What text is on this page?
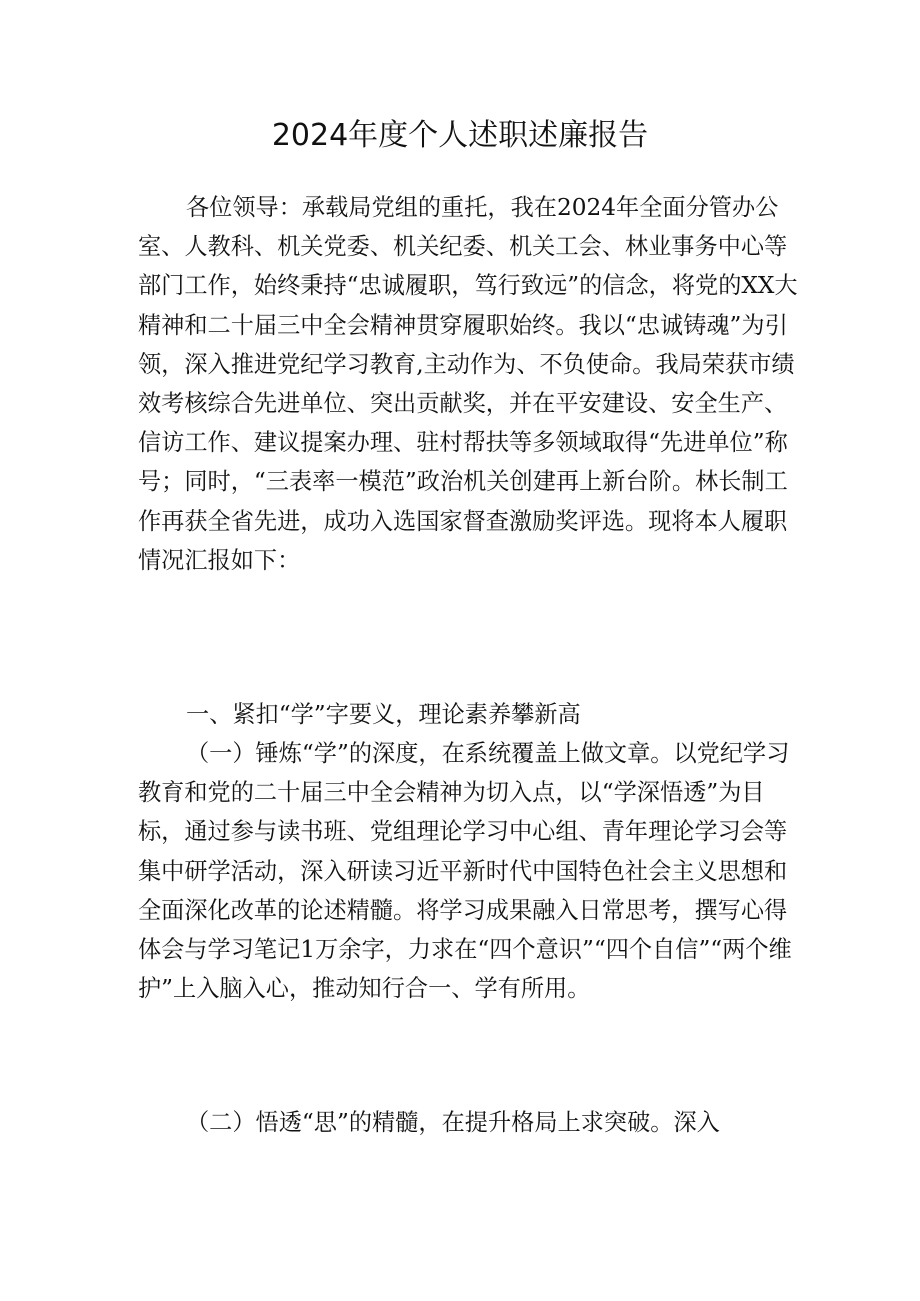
2024年度个人述职述廉报告

各位领导：承载局党组的重托，我在2024年全面分管办公室、人教科、机关党委、机关纪委、机关工会、林业事务中心等部门工作，始终秉持“忠诚履职，笃行致远”的信念，将党的XX大精神和二十届三中全会精神贯穿履职始终。我以“忠诚铸魂”为引领，深入推进党纪学习教育,主动作为、不负使命。我局荣获市绩效考核综合先进单位、突出贡献奖，并在平安建设、安全生产、信访工作、建议提案办理、驻村帮扶等多领域取得“先进单位”称号；同时，“三表率一模范”政治机关创建再上新台阶。林长制工作再获全省先进，成功入选国家督查激励奖评选。现将本人履职情况汇报如下：

一、紧扣“学”字要义，理论素养攀新高

（一）锤炼“学”的深度，在系统覆盖上做文章。以党纪学习教育和党的二十届三中全会精神为切入点，以“学深悟透”为目标，通过参与读书班、党组理论学习中心组、青年理论学习会等集中研学活动，深入研读习近平新时代中国特色社会主义思想和全面深化改革的论述精髓。将学习成果融入日常思考，撰写心得体会与学习笔记1万余字，力求在“四个意识”“四个自信”“两个维护”上入脑入心，推动知行合一、学有所用。

（二）悟透“思”的精髓，在提升格局上求突破。深入
